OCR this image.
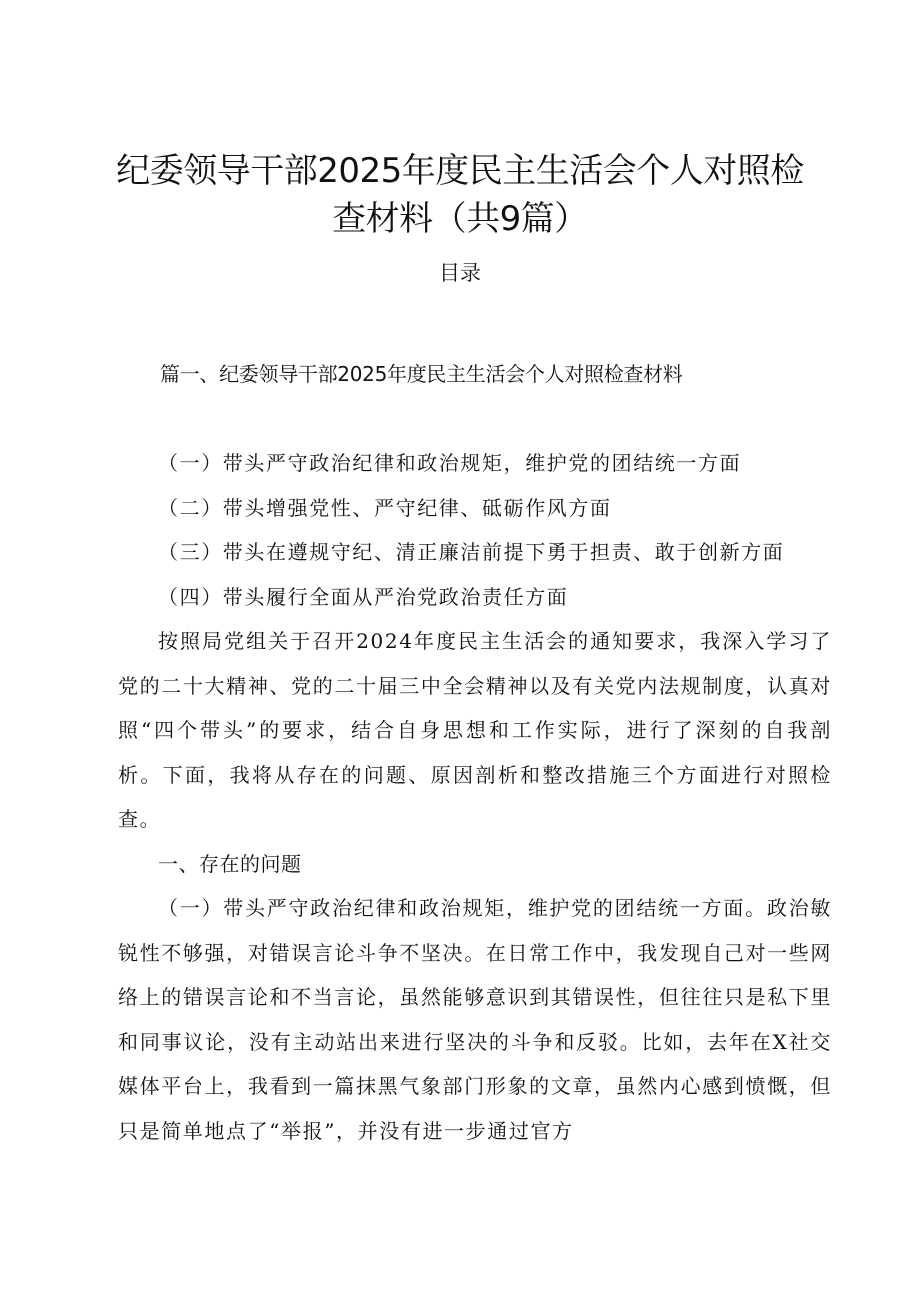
纪委领导干部2025年度民主生活会个人对照检查材料（共9篇）
目录
篇一、纪委领导干部2025年度民主生活会个人对照检查材料

（一）带头严守政治纪律和政治规矩，维护党的团结统一方面

（二）带头增强党性、严守纪律、砥砺作风方面

（三）带头在遵规守纪、清正廉洁前提下勇于担责、敢于创新方面

（四）带头履行全面从严治党政治责任方面

按照局党组关于召开2024年度民主生活会的通知要求，我深入学习了党的二十大精神、党的二十届三中全会精神以及有关党内法规制度，认真对照“四个带头”的要求，结合自身思想和工作实际，进行了深刻的自我剖析。下面，我将从存在的问题、原因剖析和整改措施三个方面进行对照检查。

一、存在的问题

（一）带头严守政治纪律和政治规矩，维护党的团结统一方面。政治敏锐性不够强，对错误言论斗争不坚决。在日常工作中，我发现自己对一些网络上的错误言论和不当言论，虽然能够意识到其错误性，但往往只是私下里和同事议论，没有主动站出来进行坚决的斗争和反驳。比如，去年在X社交媒体平台上，我看到一篇抹黑气象部门形象的文章，虽然内心感到愤慨，但只是简单地点了“举报”，并没有进一步通过官方
